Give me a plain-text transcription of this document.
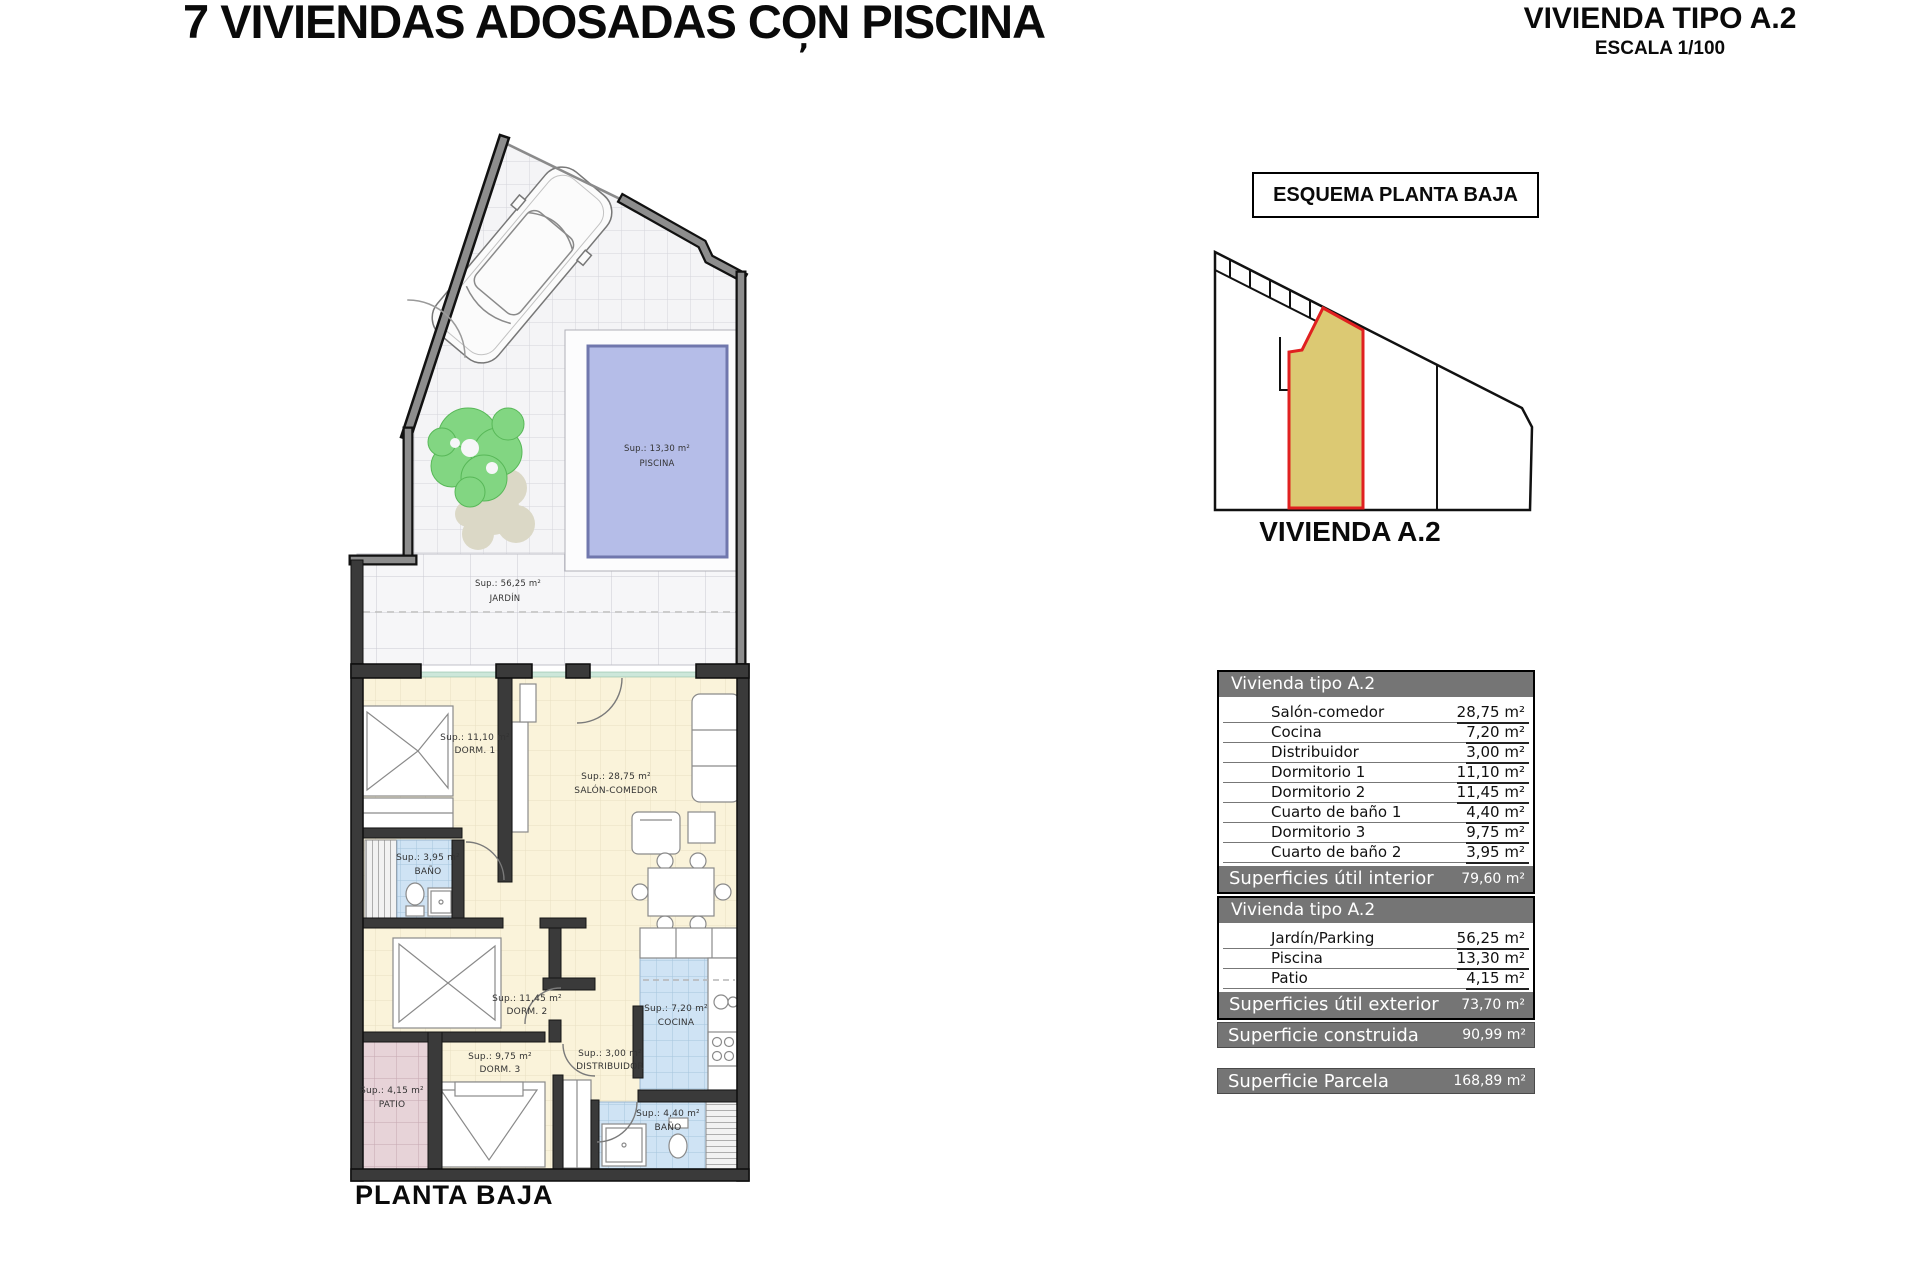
7 VIVIENDAS ADOSADAS CON PISCINA
’
VIVIENDA TIPO A.2
ESCALA 1/100
Sup.: 13,30 m²
PISCINA
Sup.: 56,25 m²
JARDÍN
Sup.: 11,10 m²
DORM. 1
Sup.: 28,75 m²
SALÓN-COMEDOR
Sup.: 3,95 m²
BAÑO
Sup.: 11,45 m²
DORM. 2	Sup.: 7,20 m²
COCINA
Sup.: 9,75 m²
DORM. 3
Sup.: 3,00 m²
DISTRIBUIDOR
Sup.: 4,15 m²
PATIO
Sup.: 4,40 m²
BAÑO
PLANTA BAJA
ESQUEMA PLANTA BAJA
VIVIENDA A.2
Vivienda tipo A.2
Salón-comedor	28,75 m²
Cocina	7,20 m²
Distribuidor	3,00 m²
Dormitorio 1	11,10 m²
Dormitorio 2	11,45 m²
Cuarto de baño 1	4,40 m²
Dormitorio 3	9,75 m²
Cuarto de baño 2	3,95 m²
Superficies útil interior 79,60 m²
Vivienda tipo A.2
Jardín/Parking	56,25 m²
Piscina	13,30 m²
Patio	4,15 m²
Superficies útil exterior 73,70 m²
Superficie construida	90,99 m²
Superficie Parcela	168,89 m²
